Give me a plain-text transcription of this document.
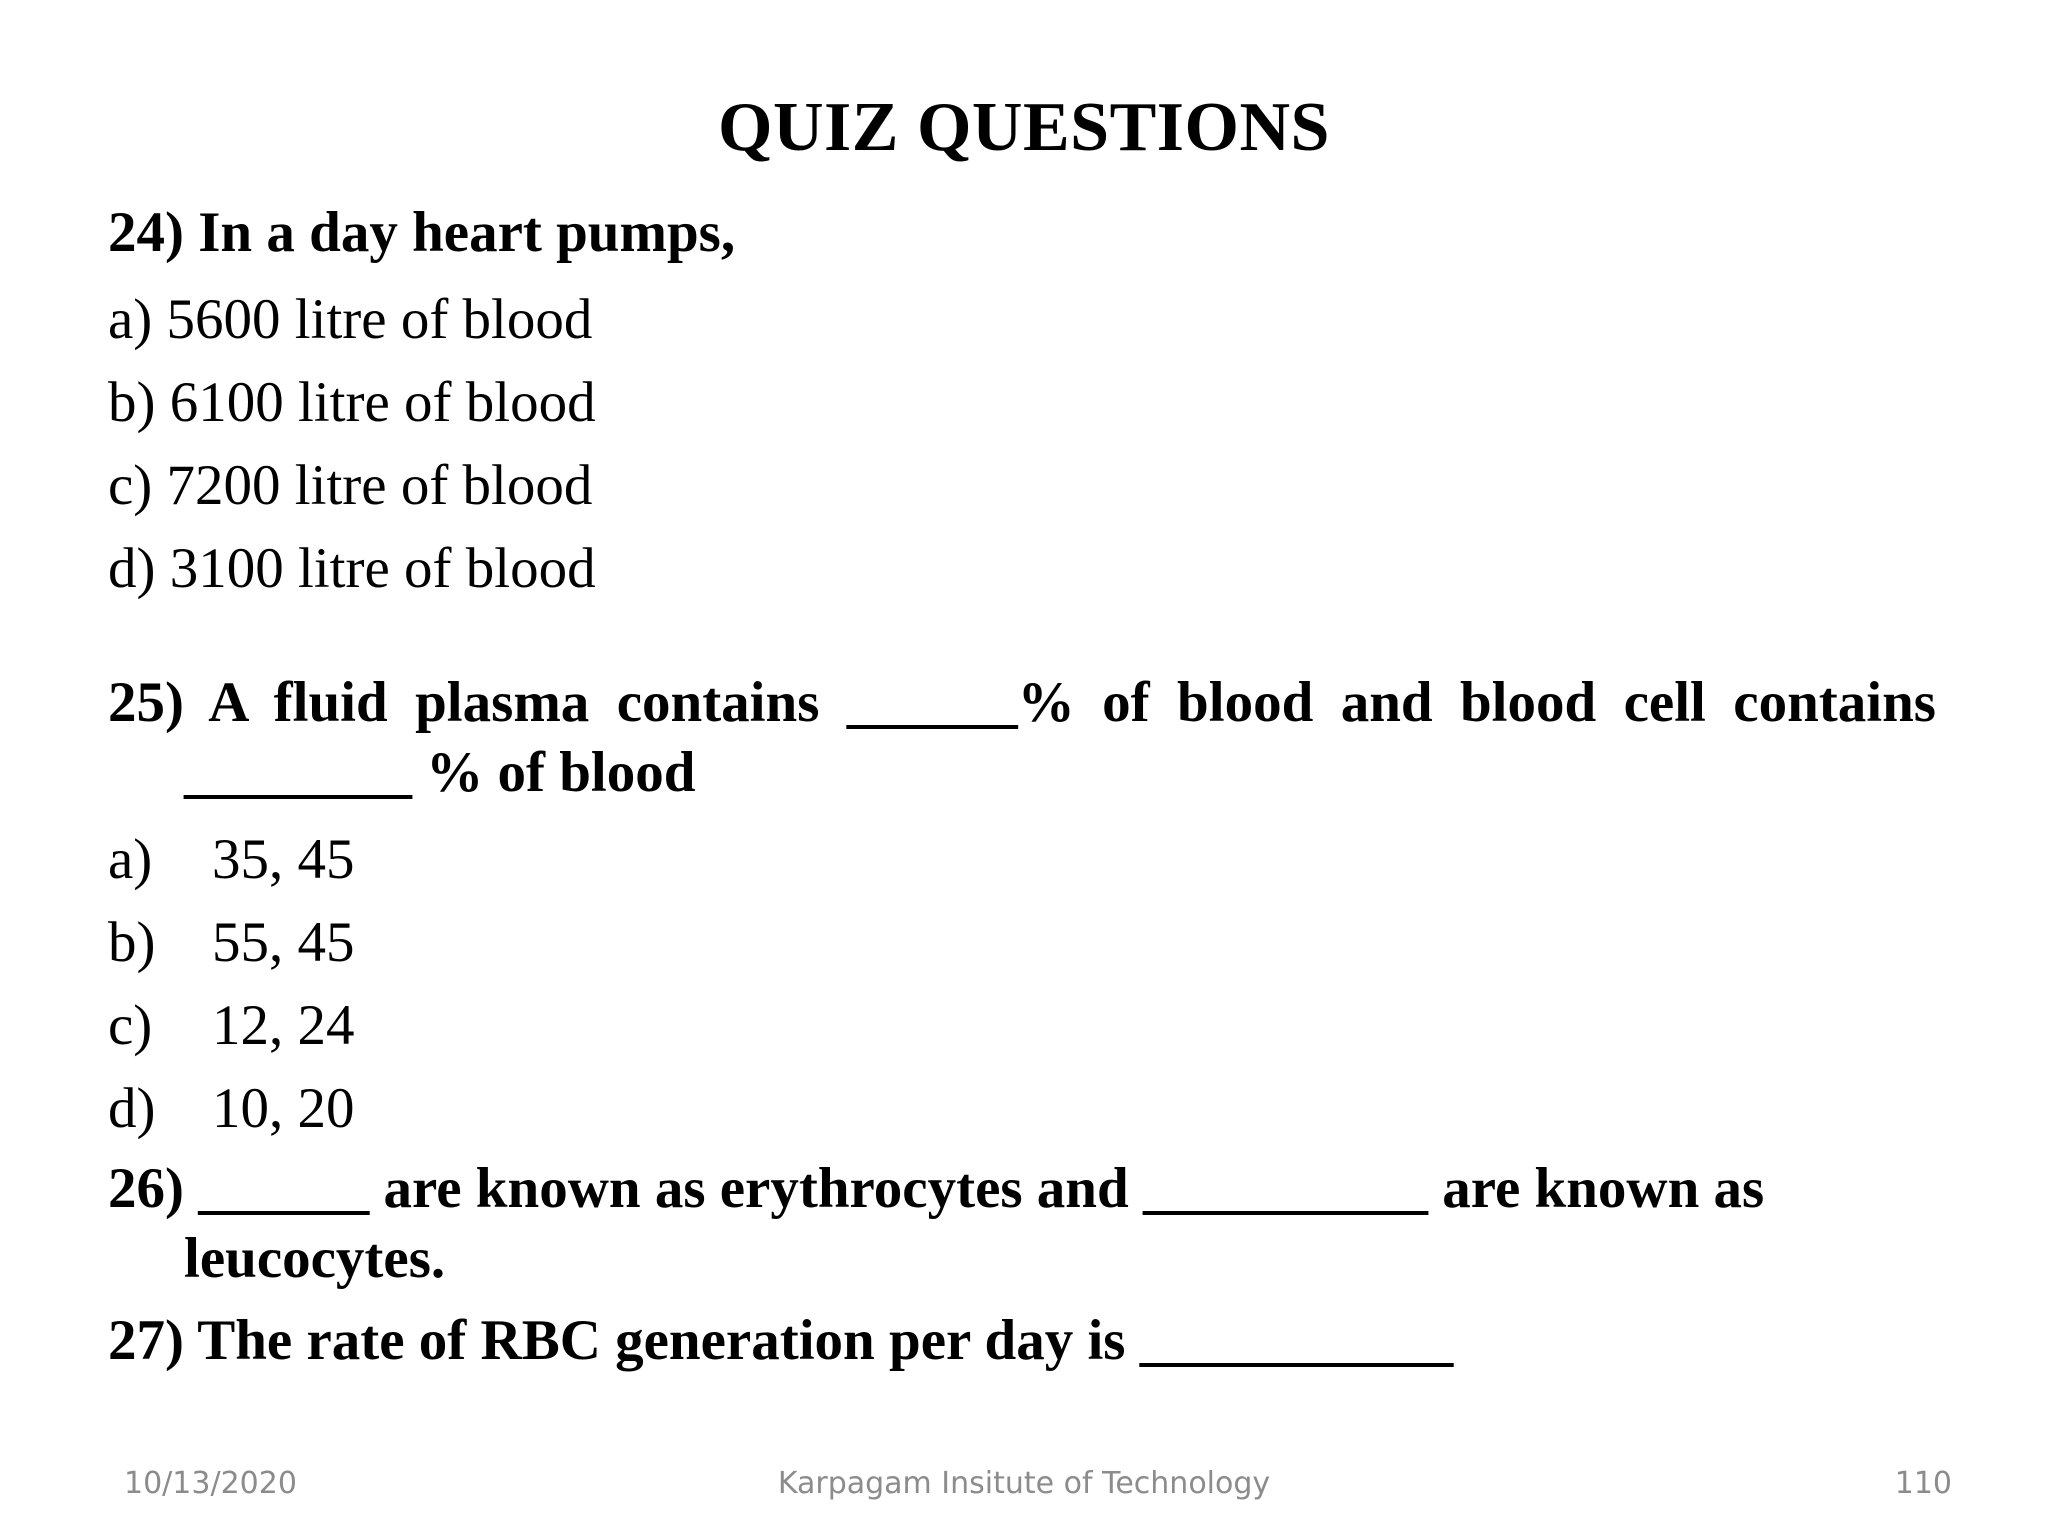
QUIZ QUESTIONS
24) In a day heart pumps,
a) 5600 litre of blood
b) 6100 litre of blood
c) 7200 litre of blood
d) 3100 litre of blood
25) A fluid plasma contains ______% of blood and blood cell contains
________ % of blood
a) 35, 45
b) 55, 45
c) 12, 24
d) 10, 20
26) ______ are known as erythrocytes and __________ are known as
leucocytes.
27) The rate of RBC generation per day is ___________
10/13/2020	Karpagam Insitute of Technology	110
